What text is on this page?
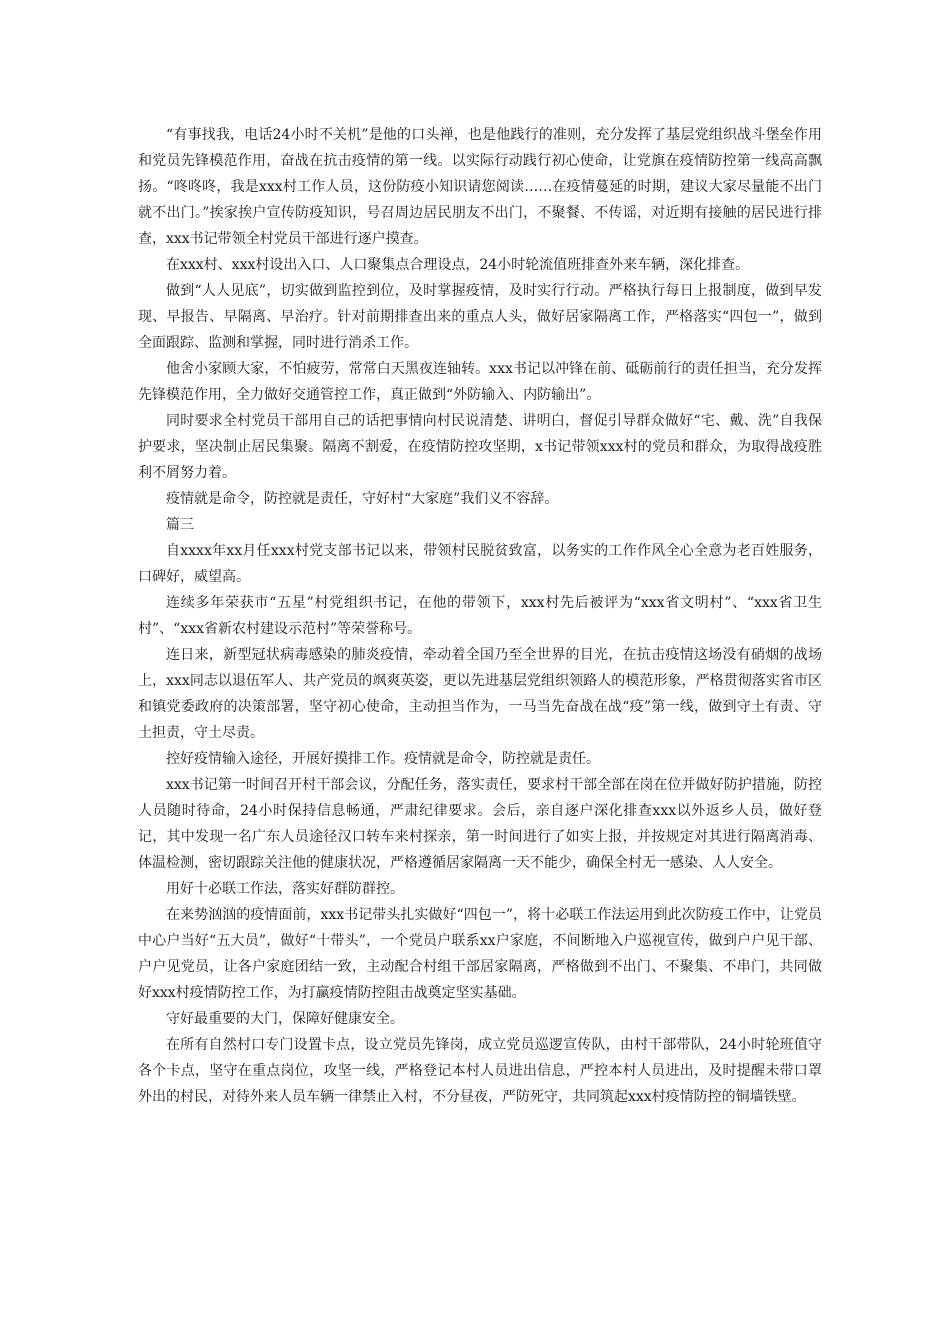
“有事找我，电话24小时不关机”是他的口头禅，也是他践行的准则，充分发挥了基层党组织战斗堡垒作用和党员先锋模范作用，奋战在抗击疫情的第一线。以实际行动践行初心使命，让党旗在疫情防控第一线高高飘扬。“咚咚咚，我是xxx村工作人员，这份防疫小知识请您阅读……在疫情蔓延的时期，建议大家尽量能不出门就不出门。”挨家挨户宣传防疫知识，号召周边居民朋友不出门，不聚餐、不传谣，对近期有接触的居民进行排查，xxx书记带领全村党员干部进行逐户摸查。

在xxx村、xxx村设出入口、人口聚集点合理设点，24小时轮流值班排查外来车辆，深化排查。

做到“人人见底”，切实做到监控到位，及时掌握疫情，及时实行行动。严格执行每日上报制度，做到早发现、早报告、早隔离、早治疗。针对前期排查出来的重点人头，做好居家隔离工作，严格落实“四包一”，做到全面跟踪、监测和掌握，同时进行消杀工作。

他舍小家顾大家，不怕疲劳，常常白天黑夜连轴转。xxx书记以冲锋在前、砥砺前行的责任担当，充分发挥先锋模范作用，全力做好交通管控工作，真正做到“外防输入、内防输出”。

同时要求全村党员干部用自己的话把事情向村民说清楚、讲明白，督促引导群众做好“宅、戴、洗”自我保护要求，坚决制止居民集聚。隔离不割爱，在疫情防控攻坚期，x书记带领xxx村的党员和群众，为取得战疫胜利不屑努力着。

疫情就是命令，防控就是责任，守好村“大家庭”我们义不容辞。

篇三

自xxxx年xx月任xxx村党支部书记以来，带领村民脱贫致富，以务实的工作作风全心全意为老百姓服务，口碑好，威望高。

连续多年荣获市“五星”村党组织书记，在他的带领下，xxx村先后被评为“xxx省文明村”、“xxx省卫生村”、“xxx省新农村建设示范村”等荣誉称号。

连日来，新型冠状病毒感染的肺炎疫情，牵动着全国乃至全世界的目光，在抗击疫情这场没有硝烟的战场上，xxx同志以退伍军人、共产党员的飒爽英姿，更以先进基层党组织领路人的模范形象，严格贯彻落实省市区和镇党委政府的决策部署，坚守初心使命，主动担当作为，一马当先奋战在战“疫”第一线，做到守土有责、守土担责，守土尽责。

控好疫情输入途径，开展好摸排工作。疫情就是命令，防控就是责任。

xxx书记第一时间召开村干部会议，分配任务，落实责任，要求村干部全部在岗在位并做好防护措施，防控人员随时待命，24小时保持信息畅通，严肃纪律要求。会后，亲自逐户深化排查xxx以外返乡人员，做好登记，其中发现一名广东人员途径汉口转车来村探亲，第一时间进行了如实上报，并按规定对其进行隔离消毒、体温检测，密切跟踪关注他的健康状况，严格遵循居家隔离一天不能少，确保全村无一感染、人人安全。

用好十必联工作法，落实好群防群控。

在来势汹汹的疫情面前，xxx书记带头扎实做好“四包一”，将十必联工作法运用到此次防疫工作中，让党员中心户当好“五大员”，做好“十带头”，一个党员户联系xx户家庭，不间断地入户巡视宣传，做到户户见干部、户户见党员，让各户家庭团结一致，主动配合村组干部居家隔离，严格做到不出门、不聚集、不串门，共同做好xxx村疫情防控工作，为打赢疫情防控阻击战奠定坚实基础。

守好最重要的大门，保障好健康安全。

在所有自然村口专门设置卡点，设立党员先锋岗，成立党员巡逻宣传队，由村干部带队，24小时轮班值守各个卡点，坚守在重点岗位，攻坚一线，严格登记本村人员进出信息，严控本村人员进出，及时提醒未带口罩外出的村民，对待外来人员车辆一律禁止入村，不分昼夜，严防死守，共同筑起xxx村疫情防控的铜墙铁壁。
